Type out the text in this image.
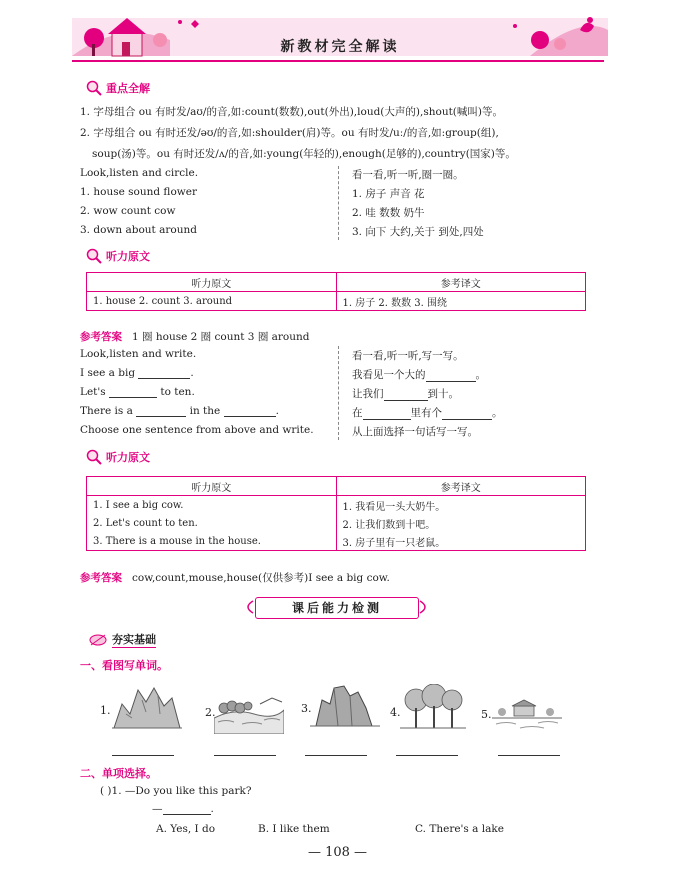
新教材完全解读
重点全解
1. 字母组合 ou 有时发/aʊ/的音,如:count(数数),out(外出),loud(大声的),shout(喊叫)等。
2. 字母组合 ou 有时还发/əʊ/的音,如:shoulder(肩)等。ou 有时发/uː/的音,如:group(组),
soup(汤)等。ou 有时还发/ʌ/的音,如:young(年轻的),enough(足够的),country(国家)等。
Look,listen and circle.
1. house sound flower
2. wow count cow
3. down about around
看一看,听一听,圈一圈。
1. 房子 声音 花
2. 哇 数数 奶牛
3. 向下 大约,关于 到处,四处
听力原文
听力原文	参考译文
1. house 2. count 3. around	1. 房子 2. 数数 3. 围绕
参考答案 1 圈 house 2 圈 count 3 圈 around
Look,listen and write.
I see a big	.
Let's	to ten.
There is a	in the	.
Choose one sentence from above and write.
看一看,听一听,写一写。
我看见一个大的	。
让我们	到十。
在	里有个	。
从上面选择一句话写一写。
听力原文
听力原文	参考译文
1. I see a big cow.	1. 我看见一头大奶牛。
2. Let's count to ten.	2. 让我们数到十吧。
3. There is a mouse in the house.	3. 房子里有一只老鼠。
参考答案 cow,count,mouse,house(仅供参考)I see a big cow.
课后能力检测
夯实基础
一、看图写单词。
1.	2.	3.	4.	5.
二、单项选择。
( )1. —Do you like this park?
—	.
A. Yes, I do	B. I like them	C. There's a lake
— 108 —
